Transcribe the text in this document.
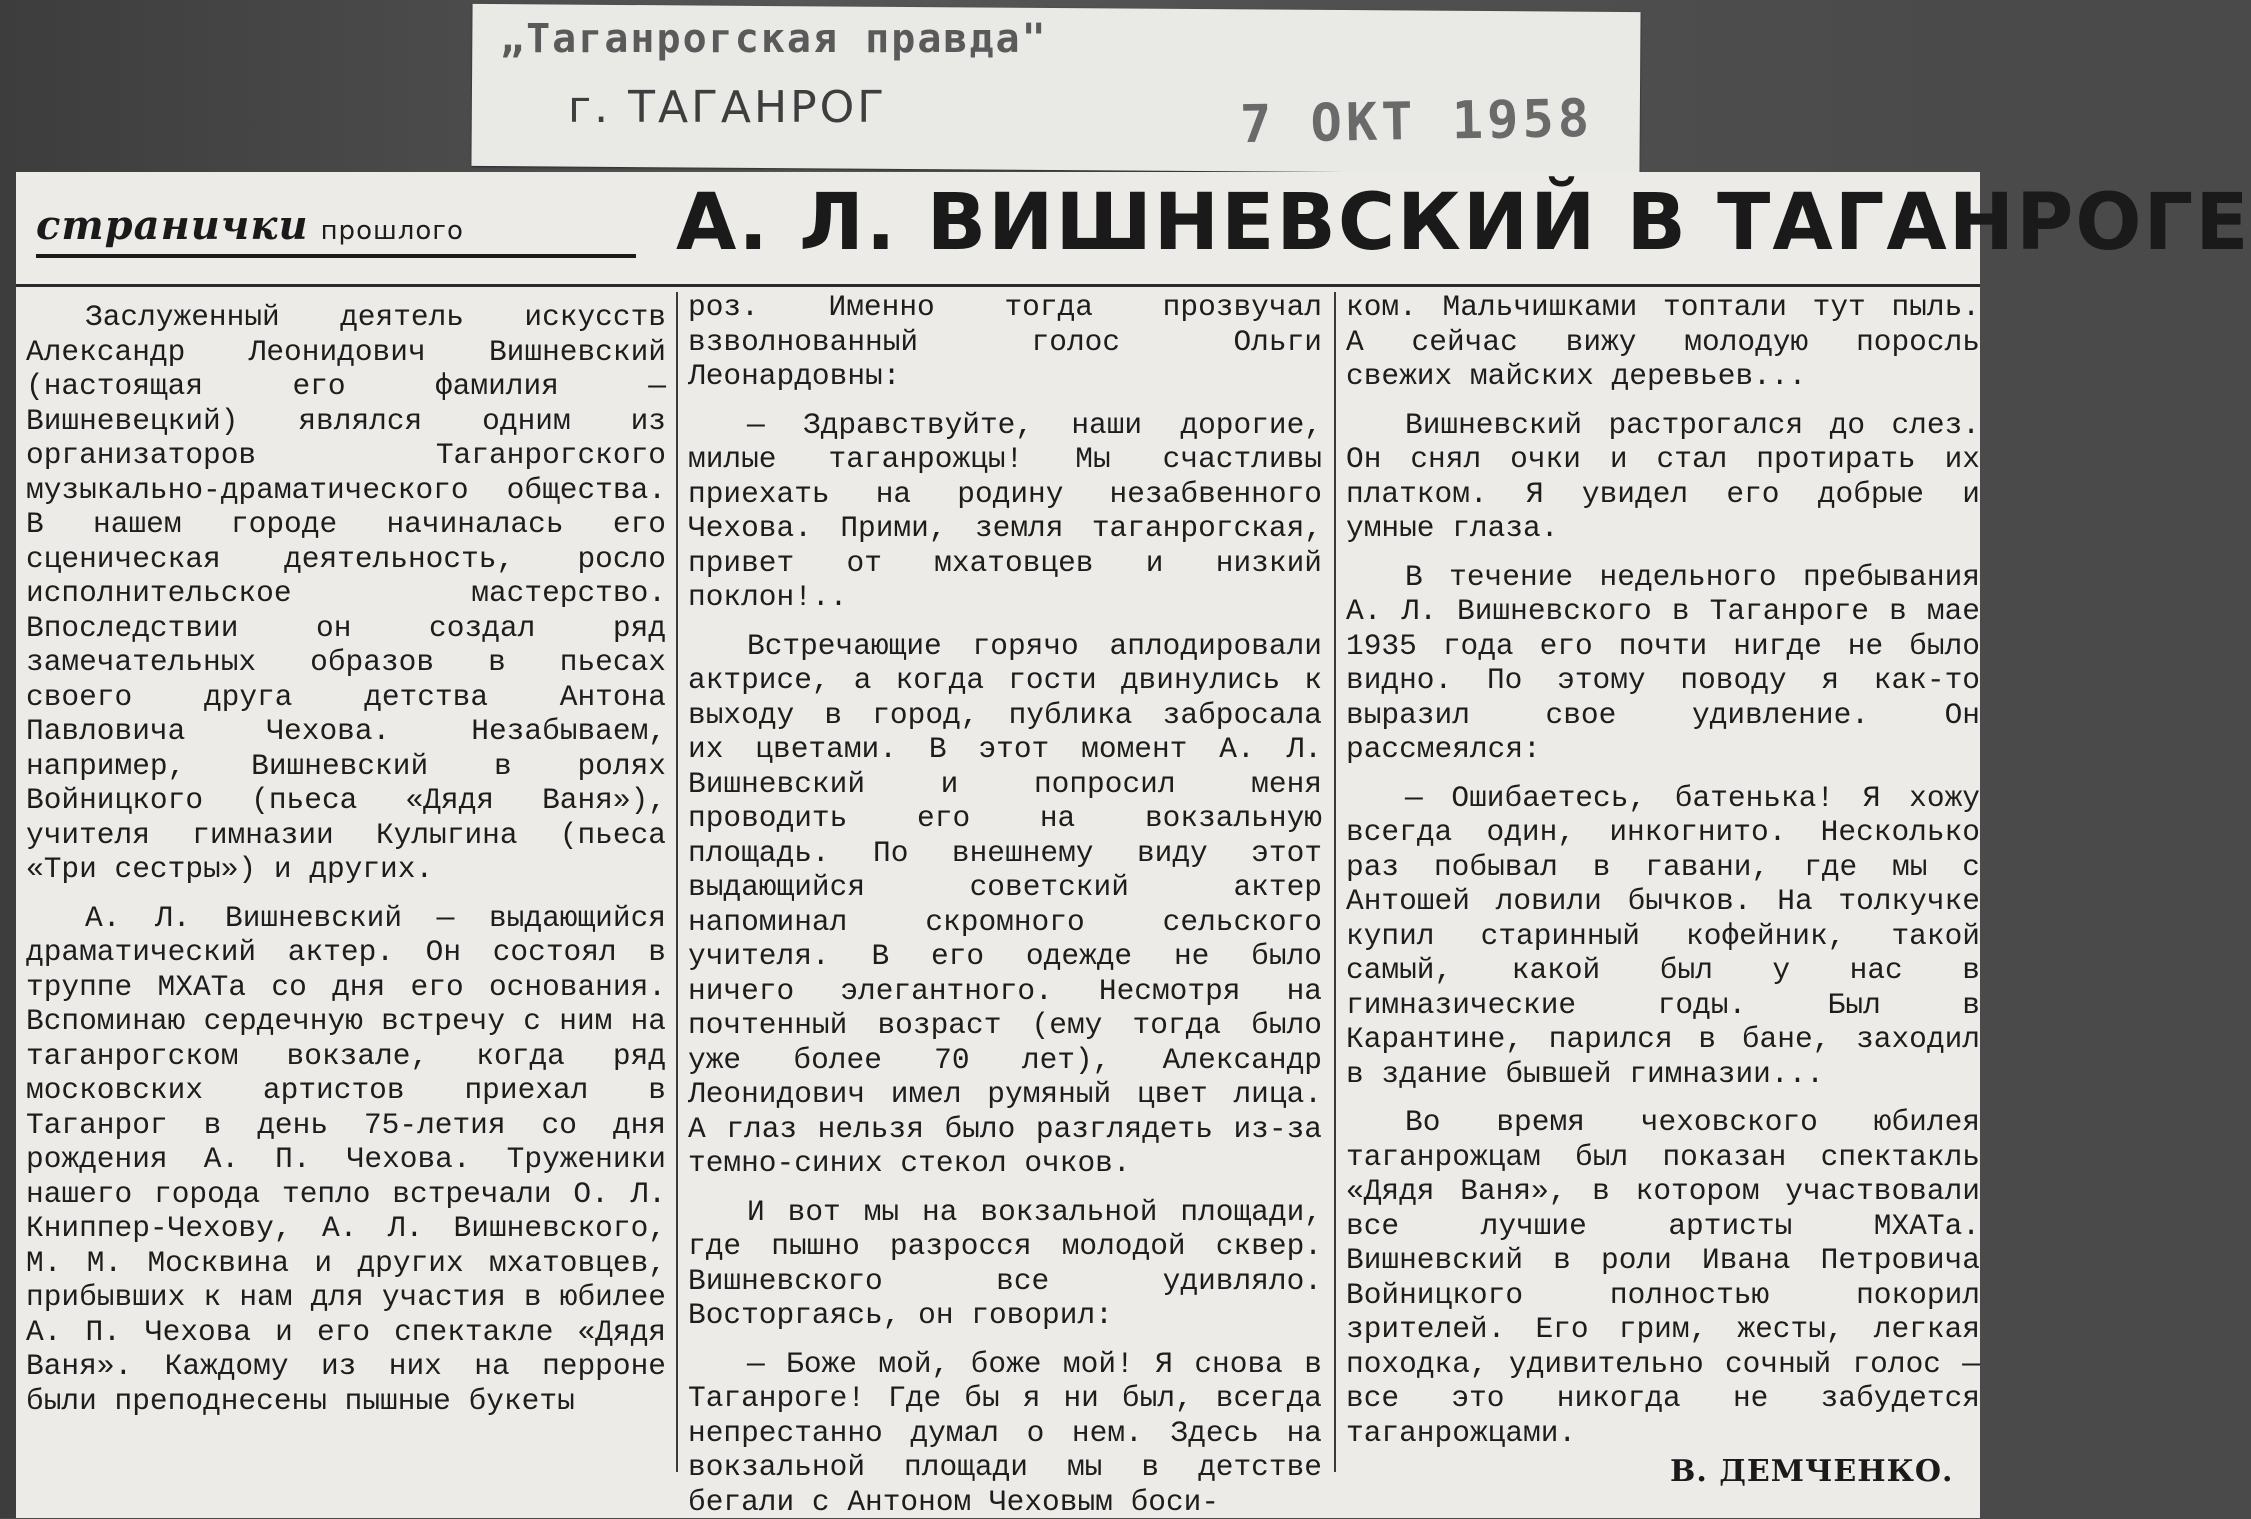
„Таганрогская правда"
г. ТАГАНРОГ	7 ОКТ 1958
странички прошлого	А. Л. ВИШНЕВСКИЙ В ТАГАНРОГЕ

Заслуженный деятель искусств Александр Леонидович Вишневский (настоящая его фамилия — Вишневецкий) являлся одним из организаторов Таганрогского музыкально-драматического общества. В нашем городе начиналась его сценическая деятельность, росло исполнительское мастерство. Впоследствии он создал ряд замечательных образов в пьесах своего друга детства Антона Павловича Чехова. Незабываем, например, Вишневский в ролях Войницкого (пьеса «Дядя Ваня»), учителя гимназии Кулыгина (пьеса «Три сестры») и других.

А. Л. Вишневский — выдающийся драматический актер. Он состоял в труппе МХАТа со дня его основания. Вспоминаю сердечную встречу с ним на таганрогском вокзале, когда ряд московских артистов приехал в Таганрог в день 75-летия со дня рождения А. П. Чехова. Труженики нашего города тепло встречали О. Л. Книппер-Чехову, А. Л. Вишневского, М. М. Москвина и других мхатовцев, прибывших к нам для участия в юбилее А. П. Чехова и его спектакле «Дядя Ваня». Каждому из них на перроне были преподнесены пышные букеты

роз. Именно тогда прозвучал взволнованный голос Ольги Леонардовны:

— Здравствуйте, наши дорогие, милые таганрожцы! Мы счастливы приехать на родину незабвенного Чехова. Прими, земля таганрогская, привет от мхатовцев и низкий поклон!..

Встречающие горячо аплодировали актрисе, а когда гости двинулись к выходу в город, публика забросала их цветами. В этот момент А. Л. Вишневский и попросил меня проводить его на вокзальную площадь. По внешнему виду этот выдающийся советский актер напоминал скромного сельского учителя. В его одежде не было ничего элегантного. Несмотря на почтенный возраст (ему тогда было уже более 70 лет), Александр Леонидович имел румяный цвет лица. А глаз нельзя было разглядеть из-за темно-синих стекол очков.

И вот мы на вокзальной площади, где пышно разросся молодой сквер. Вишневского все удивляло. Восторгаясь, он говорил:

— Боже мой, боже мой! Я снова в Таганроге! Где бы я ни был, всегда непрестанно думал о нем. Здесь на вокзальной площади мы в детстве бегали с Антоном Чеховым боси-

ком. Мальчишками топтали тут пыль. А сейчас вижу молодую поросль свежих майских деревьев...

Вишневский растрогался до слез. Он снял очки и стал протирать их платком. Я увидел его добрые и умные глаза.

В течение недельного пребывания А. Л. Вишневского в Таганроге в мае 1935 года его почти нигде не было видно. По этому поводу я как-то выразил свое удивление. Он рассмеялся:

— Ошибаетесь, батенька! Я хожу всегда один, инкогнито. Несколько раз побывал в гавани, где мы с Антошей ловили бычков. На толкучке купил старинный кофейник, такой самый, какой был у нас в гимназические годы. Был в Карантине, парился в бане, заходил в здание бывшей гимназии...

Во время чеховского юбилея таганрожцам был показан спектакль «Дядя Ваня», в котором участвовали все лучшие артисты МХАТа. Вишневский в роли Ивана Петровича Войницкого полностью покорил зрителей. Его грим, жесты, легкая походка, удивительно сочный голос — все это никогда не забудется таганрожцами.

В. ДЕМЧЕНКО.
